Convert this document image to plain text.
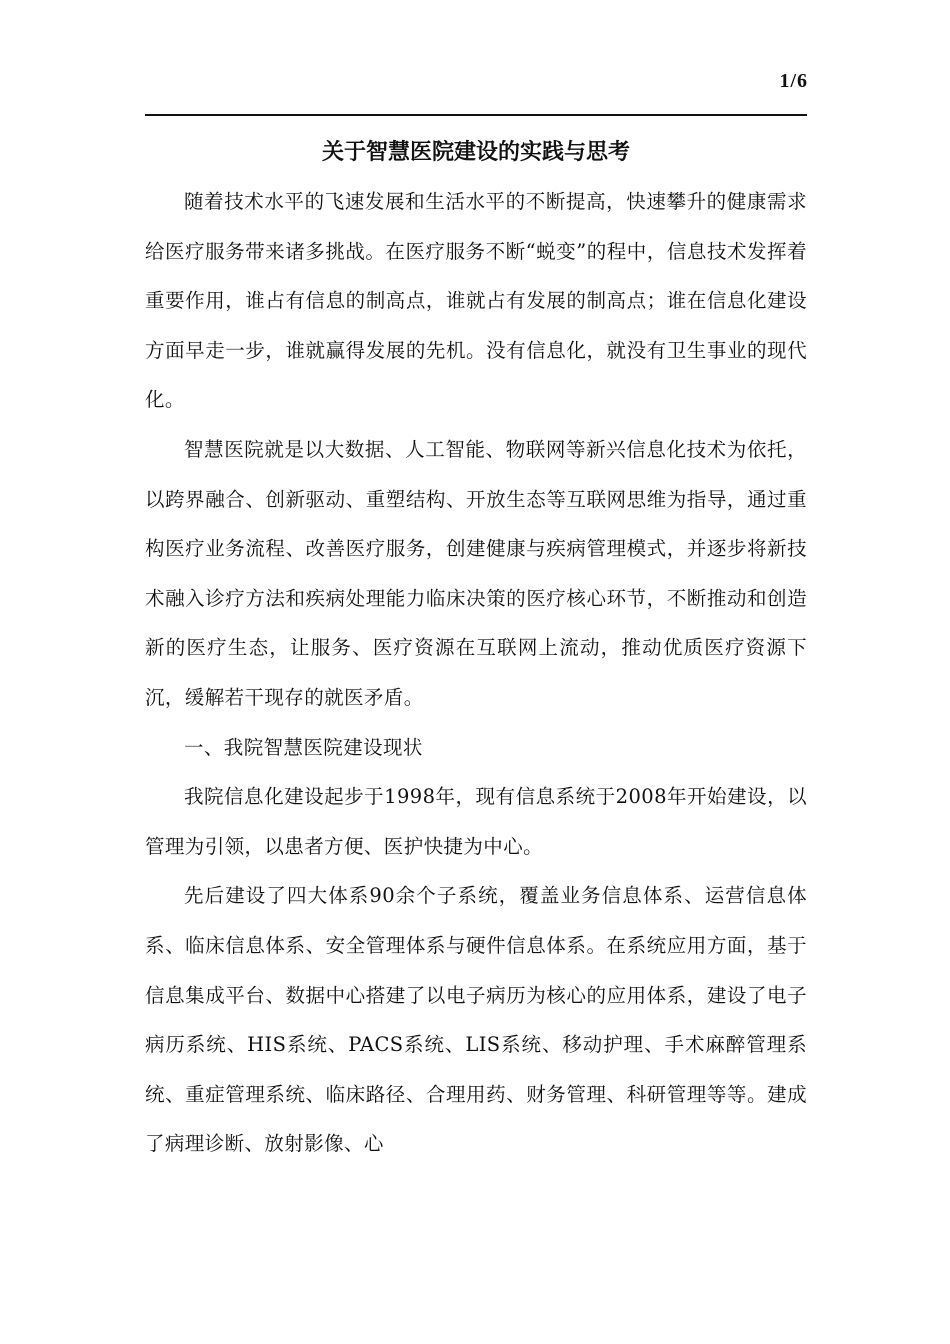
1/6
关于智慧医院建设的实践与思考

随着技术水平的飞速发展和生活水平的不断提高，快速攀升的健康需求给医疗服务带来诸多挑战。在医疗服务不断“蜕变”的程中，信息技术发挥着重要作用，谁占有信息的制高点，谁就占有发展的制高点；谁在信息化建设方面早走一步，谁就赢得发展的先机。没有信息化，就没有卫生事业的现代化。

智慧医院就是以大数据、人工智能、物联网等新兴信息化技术为依托，以跨界融合、创新驱动、重塑结构、开放生态等互联网思维为指导，通过重构医疗业务流程、改善医疗服务，创建健康与疾病管理模式，并逐步将新技术融入诊疗方法和疾病处理能力临床决策的医疗核心环节，不断推动和创造新的医疗生态，让服务、医疗资源在互联网上流动，推动优质医疗资源下沉，缓解若干现存的就医矛盾。

一、我院智慧医院建设现状

我院信息化建设起步于1998年，现有信息系统于2008年开始建设，以管理为引领，以患者方便、医护快捷为中心。

先后建设了四大体系90余个子系统，覆盖业务信息体系、运营信息体系、临床信息体系、安全管理体系与硬件信息体系。在系统应用方面，基于信息集成平台、数据中心搭建了以电子病历为核心的应用体系，建设了电子病历系统、HIS系统、PACS系统、LIS系统、移动护理、手术麻醉管理系统、重症管理系统、临床路径、合理用药、财务管理、科研管理等等。建成了病理诊断、放射影像、心
